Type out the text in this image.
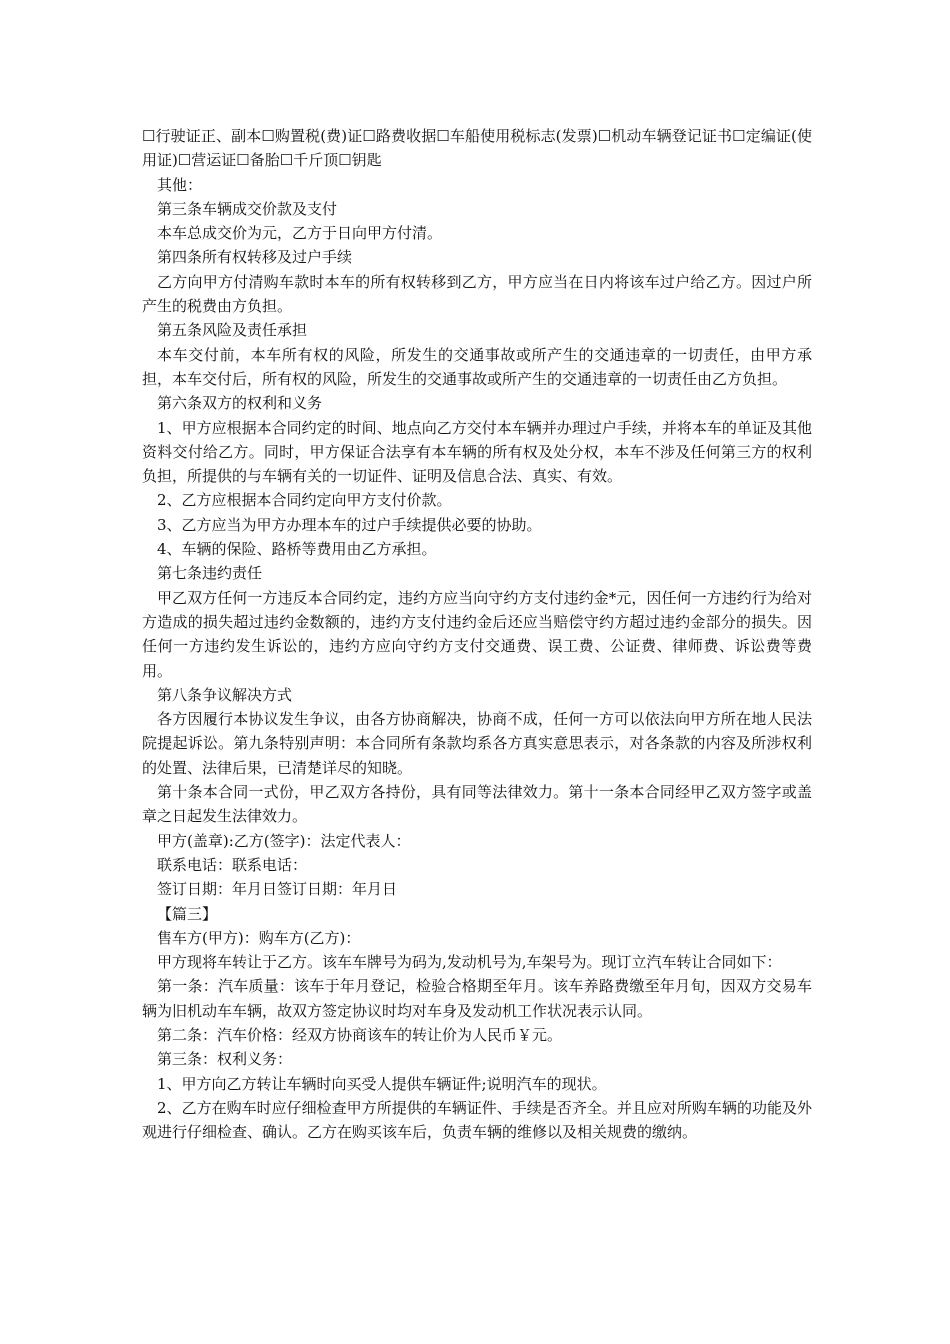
☐行驶证正、副本☐购置税(费)证☐路费收据☐车船使用税标志(发票)☐机动车辆登记证书☐定编证(使用证)☐营运证☐备胎☐千斤顶☐钥匙

其他：

第三条车辆成交价款及支付

本车总成交价为元，乙方于日向甲方付清。

第四条所有权转移及过户手续

乙方向甲方付清购车款时本车的所有权转移到乙方，甲方应当在日内将该车过户给乙方。因过户所产生的税费由方负担。

第五条风险及责任承担

本车交付前，本车所有权的风险，所发生的交通事故或所产生的交通违章的一切责任，由甲方承担，本车交付后，所有权的风险，所发生的交通事故或所产生的交通违章的一切责任由乙方负担。

第六条双方的权利和义务

1、甲方应根据本合同约定的时间、地点向乙方交付本车辆并办理过户手续，并将本车的单证及其他资料交付给乙方。同时，甲方保证合法享有本车辆的所有权及处分权，本车不涉及任何第三方的权利负担，所提供的与车辆有关的一切证件、证明及信息合法、真实、有效。

2、乙方应根据本合同约定向甲方支付价款。

3、乙方应当为甲方办理本车的过户手续提供必要的协助。

4、车辆的保险、路桥等费用由乙方承担。

第七条违约责任

甲乙双方任何一方违反本合同约定，违约方应当向守约方支付违约金*元，因任何一方违约行为给对方造成的损失超过违约金数额的，违约方支付违约金后还应当赔偿守约方超过违约金部分的损失。因任何一方违约发生诉讼的，违约方应向守约方支付交通费、误工费、公证费、律师费、诉讼费等费用。

第八条争议解决方式

各方因履行本协议发生争议，由各方协商解决，协商不成，任何一方可以依法向甲方所在地人民法院提起诉讼。第九条特别声明：本合同所有条款均系各方真实意思表示，对各条款的内容及所涉权利的处置、法律后果，已清楚详尽的知晓。

第十条本合同一式份，甲乙双方各持份，具有同等法律效力。第十一条本合同经甲乙双方签字或盖章之日起发生法律效力。

甲方(盖章):乙方(签字)：法定代表人：

联系电话：联系电话：

签订日期：年月日签订日期：年月日

【篇三】

售车方(甲方)：购车方(乙方)：

甲方现将车转让于乙方。该车车牌号为码为,发动机号为,车架号为。现订立汽车转让合同如下：

第一条：汽车质量：该车于年月登记，检验合格期至年月。该车养路费缴至年月旬，因双方交易车辆为旧机动车车辆，故双方签定协议时均对车身及发动机工作状况表示认同。

第二条：汽车价格：经双方协商该车的转让价为人民币￥元。

第三条：权利义务：

1、甲方向乙方转让车辆时向买受人提供车辆证件;说明汽车的现状。

2、乙方在购车时应仔细检查甲方所提供的车辆证件、手续是否齐全。并且应对所购车辆的功能及外观进行仔细检查、确认。乙方在购买该车后，负责车辆的维修以及相关规费的缴纳。
